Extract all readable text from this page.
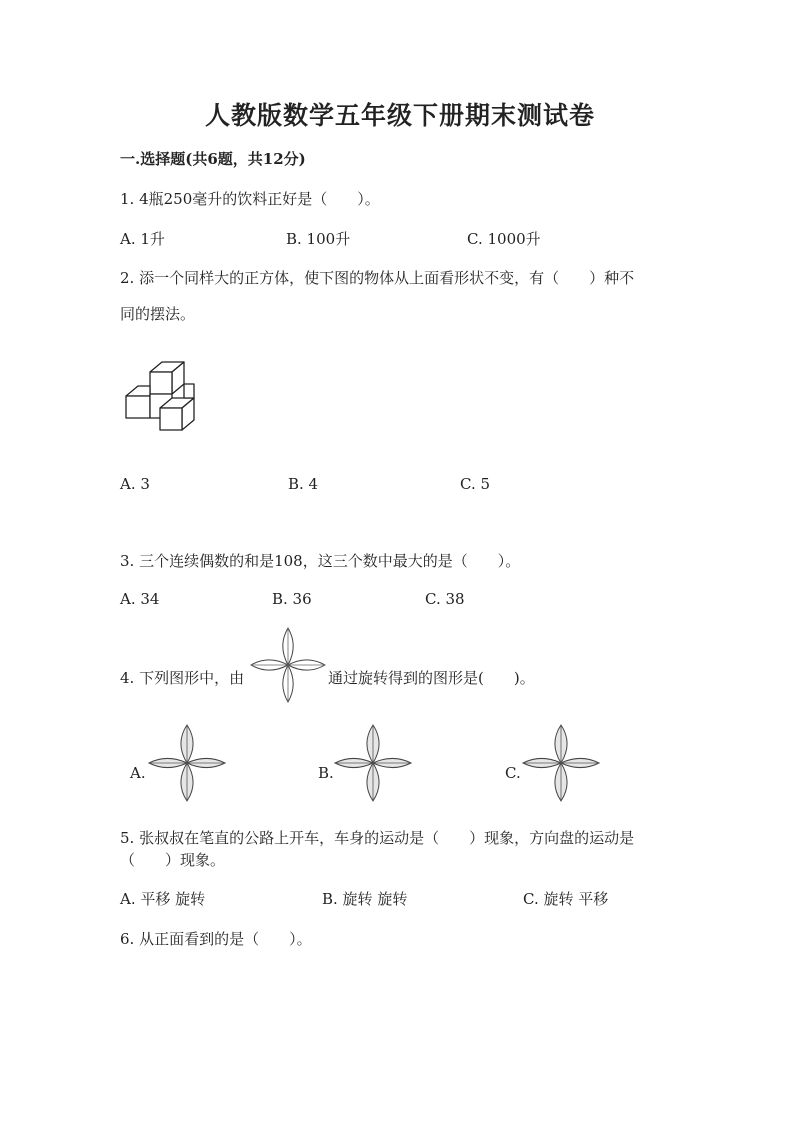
人教版数学五年级下册期末测试卷
一.选择题(共6题，共12分)
1. 4瓶250毫升的饮料正好是（　　）。
A. 1升	B. 100升	C. 1000升
2. 添一个同样大的正方体，使下图的物体从上面看形状不变，有（　　）种不
同的摆法。
A. 3	B. 4	C. 5
3. 三个连续偶数的和是108，这三个数中最大的是（　　）。
A. 34	B. 36	C. 38
4. 下列图形中，由	通过旋转得到的图形是(　　)。
A.	B.	C.
5. 张叔叔在笔直的公路上开车，车身的运动是（　　）现象，方向盘的运动是
（　　）现象。
A. 平移 旋转	B. 旋转 旋转	C. 旋转 平移
6. 从正面看到的是（　　）。
